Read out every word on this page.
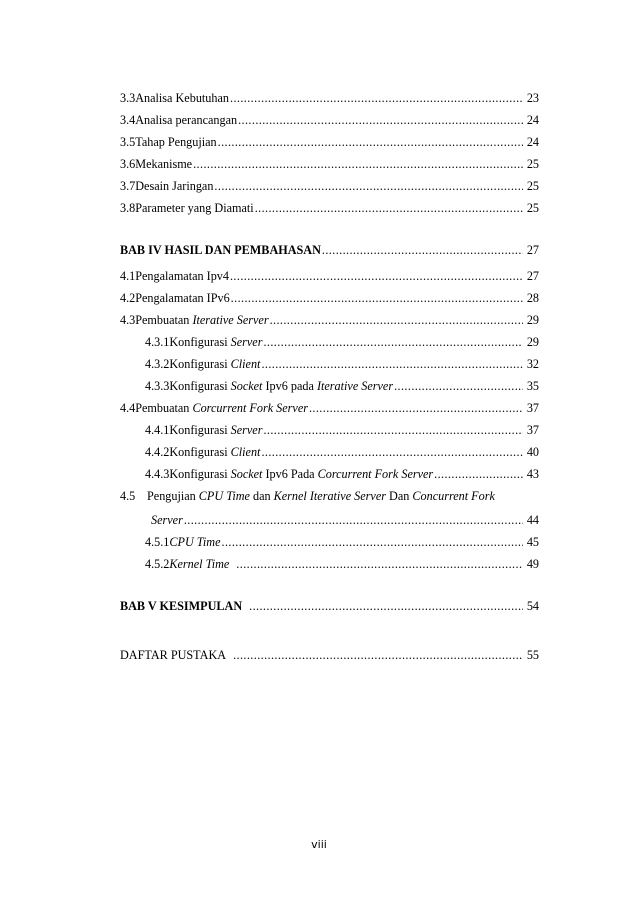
3.3 Analisa Kebutuhan .....	23
3.4 Analisa perancangan .....	24
3.5 Tahap Pengujian .....	24
3.6 Mekanisme .....	25
3.7 Desain Jaringan .....	25
3.8 Parameter yang Diamati .....	25
BAB IV HASIL DAN PEMBAHASAN .....	27
4.1 Pengalamatan Ipv4 .....	27
4.2 Pengalamatan IPv6 .....	28
4.3 Pembuatan Iterative Server .....	29
4.3.1 Konfigurasi Server .....	29
4.3.2 Konfigurasi Client .....	32
4.3.3 Konfigurasi Socket Ipv6 pada Iterative Server .....	35
4.4 Pembuatan Corcurrent Fork Server .....	37
4.4.1 Konfigurasi Server .....	37
4.4.2 Konfigurasi Client .....	40
4.4.3 Konfigurasi Socket Ipv6 Pada Corcurrent Fork Server .....	43
4.5 Pengujian CPU Time dan Kernel Iterative Server Dan Concurrent Fork
Server .....	44
4.5.1 CPU Time .....	45
4.5.2 Kernel Time .....	49
BAB V KESIMPULAN .....	54
DAFTAR PUSTAKA .....	55
viii
